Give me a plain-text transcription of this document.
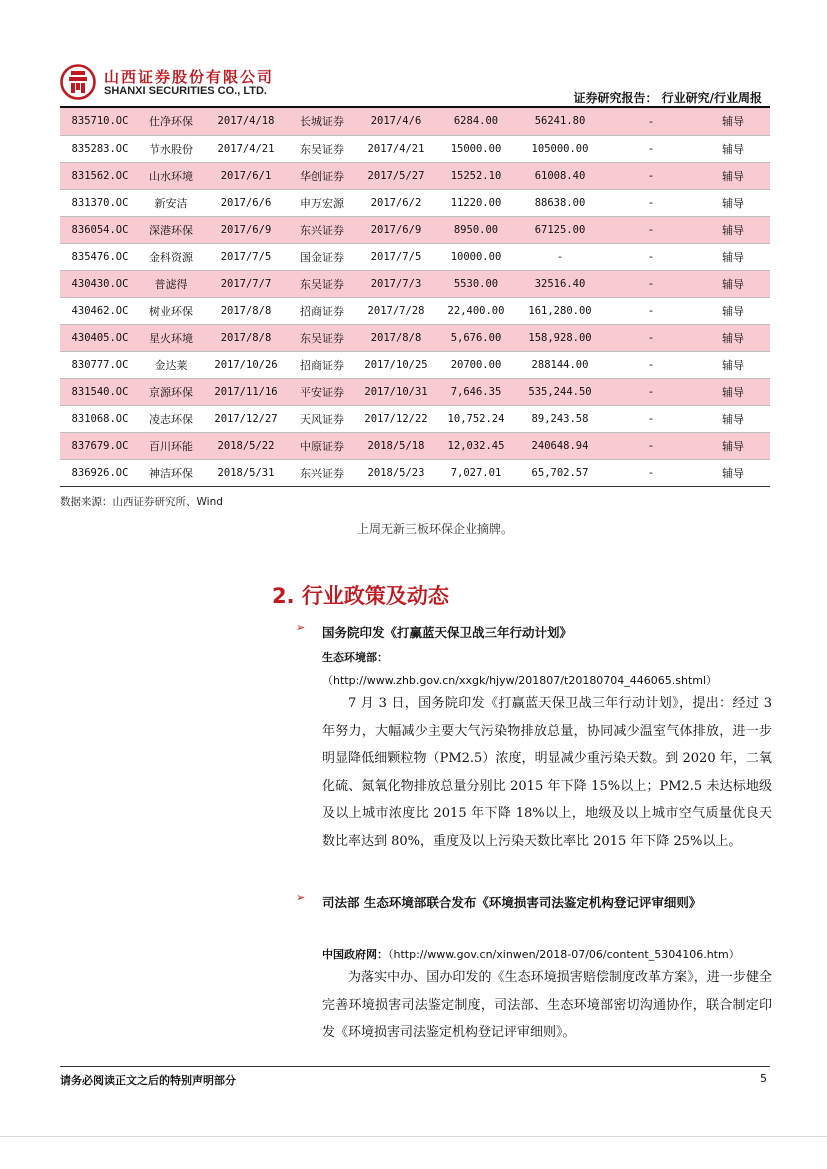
山西证券股份有限公司
SHANXI SECURITIES CO., LTD.	证券研究报告： 行业研究/行业周报
835710.OC	仕净环保	2017/4/18	长城证券	2017/4/6	6284.00	56241.80	-	辅导
835283.OC	节水股份	2017/4/21	东吴证券	2017/4/21	15000.00	105000.00	-	辅导
831562.OC	山水环境	2017/6/1	华创证券	2017/5/27	15252.10	61008.40	-	辅导
831370.OC	新安洁	2017/6/6	申万宏源	2017/6/2	11220.00	88638.00	-	辅导
836054.OC	深港环保	2017/6/9	东兴证券	2017/6/9	8950.00	67125.00	-	辅导
835476.OC	金科资源	2017/7/5	国金证券	2017/7/5	10000.00	-	-	辅导
430430.OC	普滤得	2017/7/7	东吴证券	2017/7/3	5530.00	32516.40	-	辅导
430462.OC	树业环保	2017/8/8	招商证券	2017/7/28	22,400.00	161,280.00	-	辅导
430405.OC	星火环境	2017/8/8	东吴证券	2017/8/8	5,676.00	158,928.00	-	辅导
830777.OC	金达莱	2017/10/26	招商证券	2017/10/25	20700.00	288144.00	-	辅导
831540.OC	京源环保	2017/11/16	平安证券	2017/10/31	7,646.35	535,244.50	-	辅导
831068.OC	凌志环保	2017/12/27	天风证券	2017/12/22	10,752.24	89,243.58	-	辅导
837679.OC	百川环能	2018/5/22	中原证券	2018/5/18	12,032.45	240648.94	-	辅导
836926.OC	神洁环保	2018/5/31	东兴证券	2018/5/23	7,027.01	65,702.57	-	辅导
数据来源：山西证券研究所、Wind
上周无新三板环保企业摘牌。
2. 行业政策及动态
➢	国务院印发《打赢蓝天保卫战三年行动计划》
生态环境部：
（http://www.zhb.gov.cn/xxgk/hjyw/201807/t20180704_446065.shtml）
7 月 3 日，国务院印发《打赢蓝天保卫战三年行动计划》，提出：经过 3 年努力，大幅减少主要大气污染物排放总量，协同减少温室气体排放，进一步明显降低细颗粒物（PM2.5）浓度，明显减少重污染天数。到 2020 年，二氧化硫、氮氧化物排放总量分别比 2015 年下降 15%以上；PM2.5 未达标地级及以上城市浓度比 2015 年下降 18%以上，地级及以上城市空气质量优良天数比率达到 80%，重度及以上污染天数比率比 2015 年下降 25%以上。
➢	司法部 生态环境部联合发布《环境损害司法鉴定机构登记评审细则》
中国政府网：（http://www.gov.cn/xinwen/2018-07/06/content_5304106.htm）
为落实中办、国办印发的《生态环境损害赔偿制度改革方案》，进一步健全完善环境损害司法鉴定制度，司法部、生态环境部密切沟通协作，联合制定印发《环境损害司法鉴定机构登记评审细则》。
请务必阅读正文之后的特别声明部分	5
